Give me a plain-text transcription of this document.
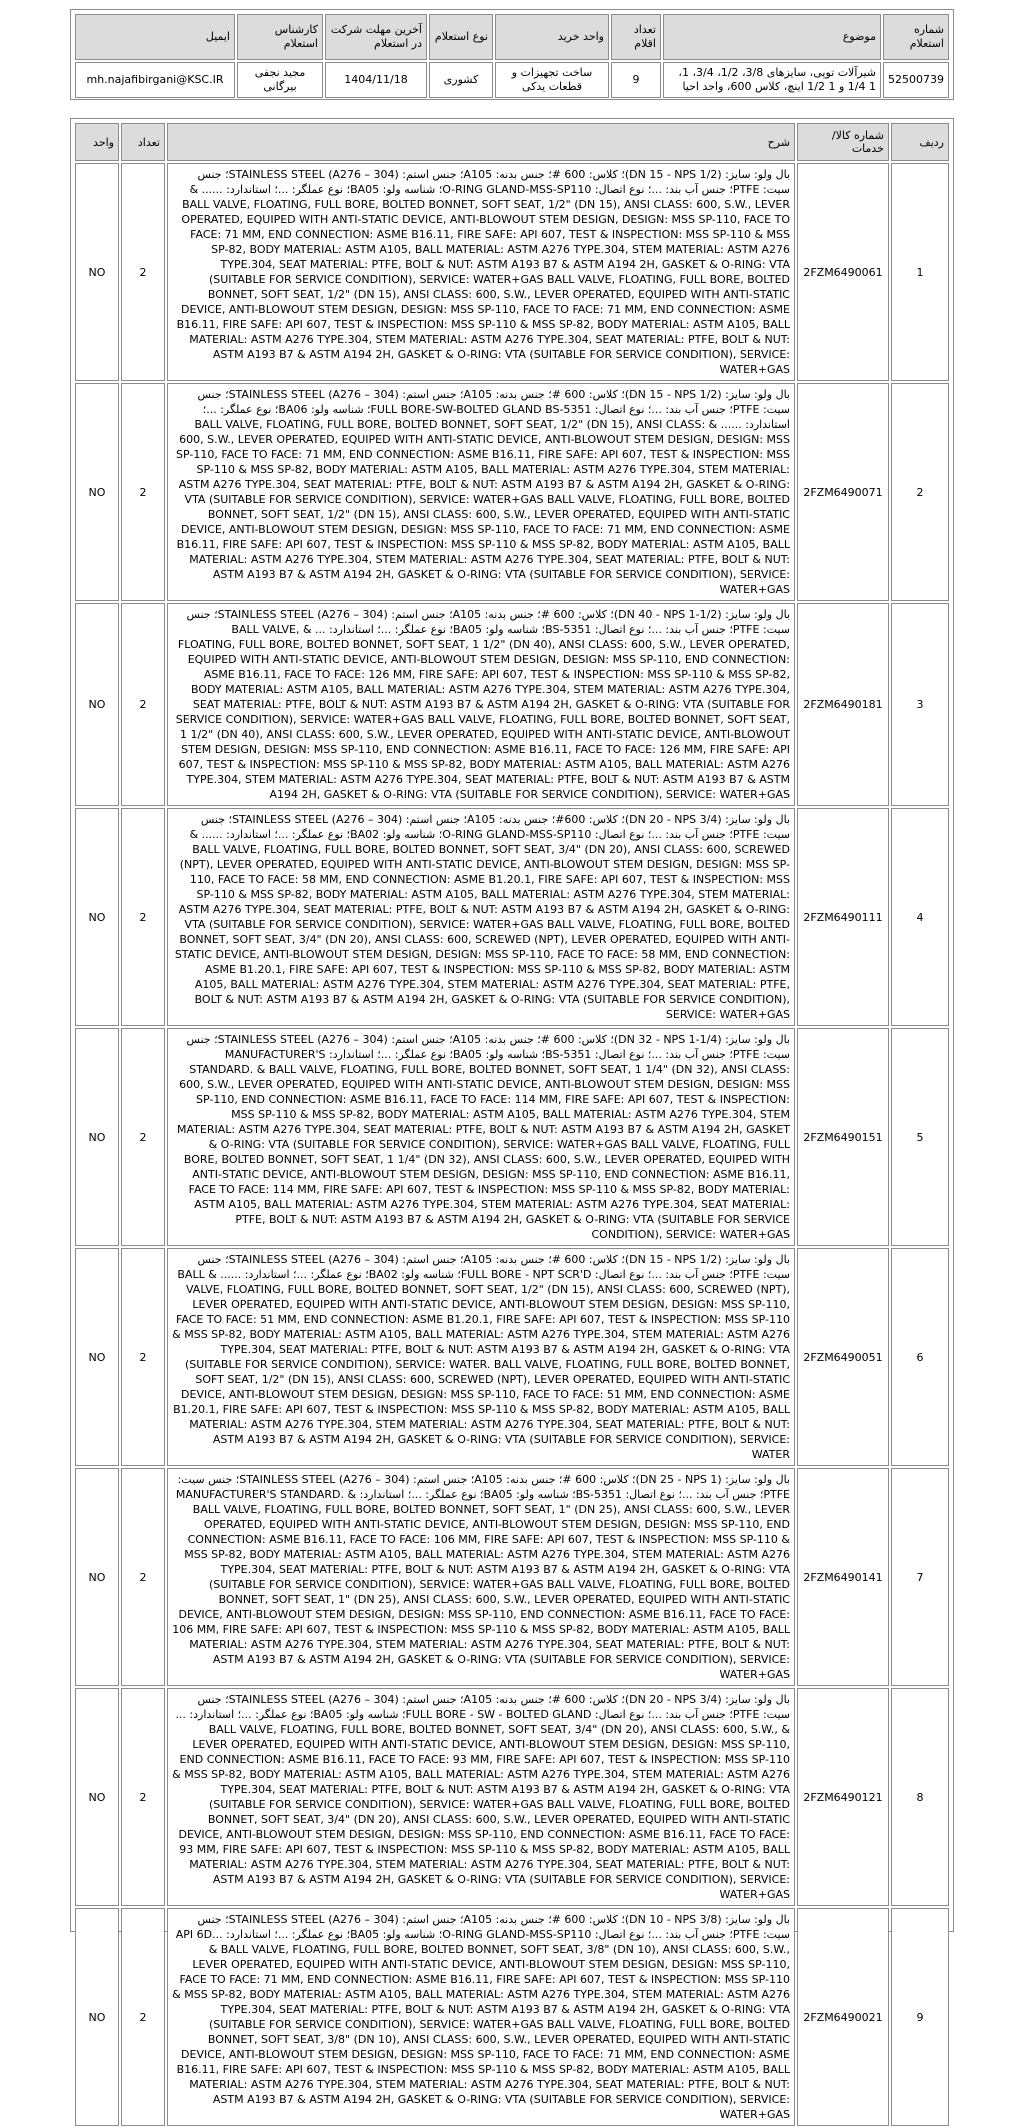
شماره استعلام	موضوع	تعداد اقلام	واحد خرید	نوع استعلام	آخرین مهلت شرکت در استعلام	کارشناس استعلام	ایمیل
52500739	شیرآلات توپی، سایزهای 3/8، 1/2، 3/4، 1، 1 1/4 و 1 1/2 اینچ، کلاس 600، واحد احیا	9	ساخت تجهیزات و قطعات یدکی	کشوری	1404/11/18	مجید نجفی بیرگانی	mh.najafibirgani@KSC.IR
ردیف	شماره کالا/خدمات	شرح	تعداد	واحد
1	2FZM6490061	بال ولو: سایز: (DN 15 - NPS 1/2)؛ کلاس: 600 #؛ جنس بدنه: A105؛ جنس استم: STAINLESS STEEL (A276 – 304)؛ جنس سیت: PTFE؛ جنس آب بند: ...؛ نوع اتصال: O-RING GLAND-MSS-SP110؛ شناسه ولو: BA05؛ نوع عملگر: ...؛ استاندارد: ...... & BALL VALVE, FLOATING, FULL BORE, BOLTED BONNET, SOFT SEAT, 1/2" (DN 15), ANSI CLASS: 600, S.W., LEVER OPERATED, EQUIPED WITH ANTI-STATIC DEVICE, ANTI-BLOWOUT STEM DESIGN, DESIGN: MSS SP-110, FACE TO FACE: 71 MM, END CONNECTION: ASME B16.11, FIRE SAFE: API 607, TEST & INSPECTION: MSS SP-110 & MSS SP-82, BODY MATERIAL: ASTM A105, BALL MATERIAL: ASTM A276 TYPE.304, STEM MATERIAL: ASTM A276 TYPE.304, SEAT MATERIAL: PTFE, BOLT & NUT: ASTM A193 B7 & ASTM A194 2H, GASKET & O-RING: VTA (SUITABLE FOR SERVICE CONDITION), SERVICE: WATER+GAS BALL VALVE, FLOATING, FULL BORE, BOLTED BONNET, SOFT SEAT, 1/2" (DN 15), ANSI CLASS: 600, S.W., LEVER OPERATED, EQUIPED WITH ANTI-STATIC DEVICE, ANTI-BLOWOUT STEM DESIGN, DESIGN: MSS SP-110, FACE TO FACE: 71 MM, END CONNECTION: ASME B16.11, FIRE SAFE: API 607, TEST & INSPECTION: MSS SP-110 & MSS SP-82, BODY MATERIAL: ASTM A105, BALL MATERIAL: ASTM A276 TYPE.304, STEM MATERIAL: ASTM A276 TYPE.304, SEAT MATERIAL: PTFE, BOLT & NUT: ASTM A193 B7 & ASTM A194 2H, GASKET & O-RING: VTA (SUITABLE FOR SERVICE CONDITION), SERVICE: WATER+GAS	2	NO
2	2FZM6490071	بال ولو: سایز: (DN 15 - NPS 1/2)؛ کلاس: 600 #؛ جنس بدنه: A105؛ جنس استم: STAINLESS STEEL (A276 – 304)؛ جنس سیت: PTFE؛ جنس آب بند: ...؛ نوع اتصال: FULL BORE-SW-BOLTED GLAND BS-5351؛ شناسه ولو: BA06؛ نوع عملگر: ...؛ استاندارد: ...... & BALL VALVE, FLOATING, FULL BORE, BOLTED BONNET, SOFT SEAT, 1/2" (DN 15), ANSI CLASS: 600, S.W., LEVER OPERATED, EQUIPED WITH ANTI-STATIC DEVICE, ANTI-BLOWOUT STEM DESIGN, DESIGN: MSS SP-110, FACE TO FACE: 71 MM, END CONNECTION: ASME B16.11, FIRE SAFE: API 607, TEST & INSPECTION: MSS SP-110 & MSS SP-82, BODY MATERIAL: ASTM A105, BALL MATERIAL: ASTM A276 TYPE.304, STEM MATERIAL: ASTM A276 TYPE.304, SEAT MATERIAL: PTFE, BOLT & NUT: ASTM A193 B7 & ASTM A194 2H, GASKET & O-RING: VTA (SUITABLE FOR SERVICE CONDITION), SERVICE: WATER+GAS BALL VALVE, FLOATING, FULL BORE, BOLTED BONNET, SOFT SEAT, 1/2" (DN 15), ANSI CLASS: 600, S.W., LEVER OPERATED, EQUIPED WITH ANTI-STATIC DEVICE, ANTI-BLOWOUT STEM DESIGN, DESIGN: MSS SP-110, FACE TO FACE: 71 MM, END CONNECTION: ASME B16.11, FIRE SAFE: API 607, TEST & INSPECTION: MSS SP-110 & MSS SP-82, BODY MATERIAL: ASTM A105, BALL MATERIAL: ASTM A276 TYPE.304, STEM MATERIAL: ASTM A276 TYPE.304, SEAT MATERIAL: PTFE, BOLT & NUT: ASTM A193 B7 & ASTM A194 2H, GASKET & O-RING: VTA (SUITABLE FOR SERVICE CONDITION), SERVICE: WATER+GAS	2	NO
3	2FZM6490181	بال ولو: سایز: (DN 40 - NPS 1-1/2)؛ کلاس: 600 #؛ جنس بدنه: A105؛ جنس استم: STAINLESS STEEL (A276 – 304)؛ جنس سیت: PTFE؛ جنس آب بند: ...؛ نوع اتصال: BS-5351؛ شناسه ولو: BA05؛ نوع عملگر: ...؛ استاندارد: ... & BALL VALVE, FLOATING, FULL BORE, BOLTED BONNET, SOFT SEAT, 1 1/2" (DN 40), ANSI CLASS: 600, S.W., LEVER OPERATED, EQUIPED WITH ANTI-STATIC DEVICE, ANTI-BLOWOUT STEM DESIGN, DESIGN: MSS SP-110, END CONNECTION: ASME B16.11, FACE TO FACE: 126 MM, FIRE SAFE: API 607, TEST & INSPECTION: MSS SP-110 & MSS SP-82, BODY MATERIAL: ASTM A105, BALL MATERIAL: ASTM A276 TYPE.304, STEM MATERIAL: ASTM A276 TYPE.304, SEAT MATERIAL: PTFE, BOLT & NUT: ASTM A193 B7 & ASTM A194 2H, GASKET & O-RING: VTA (SUITABLE FOR SERVICE CONDITION), SERVICE: WATER+GAS BALL VALVE, FLOATING, FULL BORE, BOLTED BONNET, SOFT SEAT, 1 1/2" (DN 40), ANSI CLASS: 600, S.W., LEVER OPERATED, EQUIPED WITH ANTI-STATIC DEVICE, ANTI-BLOWOUT STEM DESIGN, DESIGN: MSS SP-110, END CONNECTION: ASME B16.11, FACE TO FACE: 126 MM, FIRE SAFE: API 607, TEST & INSPECTION: MSS SP-110 & MSS SP-82, BODY MATERIAL: ASTM A105, BALL MATERIAL: ASTM A276 TYPE.304, STEM MATERIAL: ASTM A276 TYPE.304, SEAT MATERIAL: PTFE, BOLT & NUT: ASTM A193 B7 & ASTM A194 2H, GASKET & O-RING: VTA (SUITABLE FOR SERVICE CONDITION), SERVICE: WATER+GAS	2	NO
4	2FZM6490111	بال ولو: سایز: (DN 20 - NPS 3/4)؛ کلاس: 600#؛ جنس بدنه: A105؛ جنس استم: STAINLESS STEEL (A276 – 304)؛ جنس سیت: PTFE؛ جنس آب بند: ...؛ نوع اتصال: O-RING GLAND-MSS-SP110؛ شناسه ولو: BA02؛ نوع عملگر: ...؛ استاندارد: ...... & BALL VALVE, FLOATING, FULL BORE, BOLTED BONNET, SOFT SEAT, 3/4" (DN 20), ANSI CLASS: 600, SCREWED (NPT), LEVER OPERATED, EQUIPED WITH ANTI-STATIC DEVICE, ANTI-BLOWOUT STEM DESIGN, DESIGN: MSS SP-110, FACE TO FACE: 58 MM, END CONNECTION: ASME B1.20.1, FIRE SAFE: API 607, TEST & INSPECTION: MSS SP-110 & MSS SP-82, BODY MATERIAL: ASTM A105, BALL MATERIAL: ASTM A276 TYPE.304, STEM MATERIAL: ASTM A276 TYPE.304, SEAT MATERIAL: PTFE, BOLT & NUT: ASTM A193 B7 & ASTM A194 2H, GASKET & O-RING: VTA (SUITABLE FOR SERVICE CONDITION), SERVICE: WATER+GAS BALL VALVE, FLOATING, FULL BORE, BOLTED BONNET, SOFT SEAT, 3/4" (DN 20), ANSI CLASS: 600, SCREWED (NPT), LEVER OPERATED, EQUIPED WITH ANTI-STATIC DEVICE, ANTI-BLOWOUT STEM DESIGN, DESIGN: MSS SP-110, FACE TO FACE: 58 MM, END CONNECTION: ASME B1.20.1, FIRE SAFE: API 607, TEST & INSPECTION: MSS SP-110 & MSS SP-82, BODY MATERIAL: ASTM A105, BALL MATERIAL: ASTM A276 TYPE.304, STEM MATERIAL: ASTM A276 TYPE.304, SEAT MATERIAL: PTFE, BOLT & NUT: ASTM A193 B7 & ASTM A194 2H, GASKET & O-RING: VTA (SUITABLE FOR SERVICE CONDITION), SERVICE: WATER+GAS	2	NO
5	2FZM6490151	بال ولو: سایز: (DN 32 - NPS 1-1/4)؛ کلاس: 600 #؛ جنس بدنه: A105؛ جنس استم: STAINLESS STEEL (A276 – 304)؛ جنس سیت: PTFE؛ جنس آب بند: ...؛ نوع اتصال: BS-5351؛ شناسه ولو: BA05؛ نوع عملگر: ...؛ استاندارد: MANUFACTURER'S STANDARD. & BALL VALVE, FLOATING, FULL BORE, BOLTED BONNET, SOFT SEAT, 1 1/4" (DN 32), ANSI CLASS: 600, S.W., LEVER OPERATED, EQUIPED WITH ANTI-STATIC DEVICE, ANTI-BLOWOUT STEM DESIGN, DESIGN: MSS SP-110, END CONNECTION: ASME B16.11, FACE TO FACE: 114 MM, FIRE SAFE: API 607, TEST & INSPECTION: MSS SP-110 & MSS SP-82, BODY MATERIAL: ASTM A105, BALL MATERIAL: ASTM A276 TYPE.304, STEM MATERIAL: ASTM A276 TYPE.304, SEAT MATERIAL: PTFE, BOLT & NUT: ASTM A193 B7 & ASTM A194 2H, GASKET & O-RING: VTA (SUITABLE FOR SERVICE CONDITION), SERVICE: WATER+GAS BALL VALVE, FLOATING, FULL BORE, BOLTED BONNET, SOFT SEAT, 1 1/4" (DN 32), ANSI CLASS: 600, S.W., LEVER OPERATED, EQUIPED WITH ANTI-STATIC DEVICE, ANTI-BLOWOUT STEM DESIGN, DESIGN: MSS SP-110, END CONNECTION: ASME B16.11, FACE TO FACE: 114 MM, FIRE SAFE: API 607, TEST & INSPECTION: MSS SP-110 & MSS SP-82, BODY MATERIAL: ASTM A105, BALL MATERIAL: ASTM A276 TYPE.304, STEM MATERIAL: ASTM A276 TYPE.304, SEAT MATERIAL: PTFE, BOLT & NUT: ASTM A193 B7 & ASTM A194 2H, GASKET & O-RING: VTA (SUITABLE FOR SERVICE CONDITION), SERVICE: WATER+GAS	2	NO
6	2FZM6490051	بال ولو: سایز: (DN 15 - NPS 1/2)؛ کلاس: 600 #؛ جنس بدنه: A105؛ جنس استم: STAINLESS STEEL (A276 – 304)؛ جنس سیت: PTFE؛ جنس آب بند: ...؛ نوع اتصال: FULL BORE - NPT SCR'D؛ شناسه ولو: BA02؛ نوع عملگر: ...؛ استاندارد: ...... & BALL VALVE, FLOATING, FULL BORE, BOLTED BONNET, SOFT SEAT, 1/2" (DN 15), ANSI CLASS: 600, SCREWED (NPT), LEVER OPERATED, EQUIPED WITH ANTI-STATIC DEVICE, ANTI-BLOWOUT STEM DESIGN, DESIGN: MSS SP-110, FACE TO FACE: 51 MM, END CONNECTION: ASME B1.20.1, FIRE SAFE: API 607, TEST & INSPECTION: MSS SP-110 & MSS SP-82, BODY MATERIAL: ASTM A105, BALL MATERIAL: ASTM A276 TYPE.304, STEM MATERIAL: ASTM A276 TYPE.304, SEAT MATERIAL: PTFE, BOLT & NUT: ASTM A193 B7 & ASTM A194 2H, GASKET & O-RING: VTA (SUITABLE FOR SERVICE CONDITION), SERVICE: WATER. BALL VALVE, FLOATING, FULL BORE, BOLTED BONNET, SOFT SEAT, 1/2" (DN 15), ANSI CLASS: 600, SCREWED (NPT), LEVER OPERATED, EQUIPED WITH ANTI-STATIC DEVICE, ANTI-BLOWOUT STEM DESIGN, DESIGN: MSS SP-110, FACE TO FACE: 51 MM, END CONNECTION: ASME B1.20.1, FIRE SAFE: API 607, TEST & INSPECTION: MSS SP-110 & MSS SP-82, BODY MATERIAL: ASTM A105, BALL MATERIAL: ASTM A276 TYPE.304, STEM MATERIAL: ASTM A276 TYPE.304, SEAT MATERIAL: PTFE, BOLT & NUT: ASTM A193 B7 & ASTM A194 2H, GASKET & O-RING: VTA (SUITABLE FOR SERVICE CONDITION), SERVICE: WATER	2	NO
7	2FZM6490141	بال ولو: سایز: (DN 25 - NPS 1)؛ کلاس: 600 #؛ جنس بدنه: A105؛ جنس استم: STAINLESS STEEL (A276 – 304)؛ جنس سیت: PTFE؛ جنس آب بند: ...؛ نوع اتصال: BS-5351؛ شناسه ولو: BA05؛ نوع عملگر: ...؛ استاندارد: MANUFACTURER'S STANDARD. & BALL VALVE, FLOATING, FULL BORE, BOLTED BONNET, SOFT SEAT, 1" (DN 25), ANSI CLASS: 600, S.W., LEVER OPERATED, EQUIPED WITH ANTI-STATIC DEVICE, ANTI-BLOWOUT STEM DESIGN, DESIGN: MSS SP-110, END CONNECTION: ASME B16.11, FACE TO FACE: 106 MM, FIRE SAFE: API 607, TEST & INSPECTION: MSS SP-110 & MSS SP-82, BODY MATERIAL: ASTM A105, BALL MATERIAL: ASTM A276 TYPE.304, STEM MATERIAL: ASTM A276 TYPE.304, SEAT MATERIAL: PTFE, BOLT & NUT: ASTM A193 B7 & ASTM A194 2H, GASKET & O-RING: VTA (SUITABLE FOR SERVICE CONDITION), SERVICE: WATER+GAS BALL VALVE, FLOATING, FULL BORE, BOLTED BONNET, SOFT SEAT, 1" (DN 25), ANSI CLASS: 600, S.W., LEVER OPERATED, EQUIPED WITH ANTI-STATIC DEVICE, ANTI-BLOWOUT STEM DESIGN, DESIGN: MSS SP-110, END CONNECTION: ASME B16.11, FACE TO FACE: 106 MM, FIRE SAFE: API 607, TEST & INSPECTION: MSS SP-110 & MSS SP-82, BODY MATERIAL: ASTM A105, BALL MATERIAL: ASTM A276 TYPE.304, STEM MATERIAL: ASTM A276 TYPE.304, SEAT MATERIAL: PTFE, BOLT & NUT: ASTM A193 B7 & ASTM A194 2H, GASKET & O-RING: VTA (SUITABLE FOR SERVICE CONDITION), SERVICE: WATER+GAS	2	NO
8	2FZM6490121	بال ولو: سایز: (DN 20 - NPS 3/4)؛ کلاس: 600 #؛ جنس بدنه: A105؛ جنس استم: STAINLESS STEEL (A276 – 304)؛ جنس سیت: PTFE؛ جنس آب بند: ...؛ نوع اتصال: FULL BORE - SW - BOLTED GLAND؛ شناسه ولو: BA05؛ نوع عملگر: ...؛ استاندارد: ... & BALL VALVE, FLOATING, FULL BORE, BOLTED BONNET, SOFT SEAT, 3/4" (DN 20), ANSI CLASS: 600, S.W., LEVER OPERATED, EQUIPED WITH ANTI-STATIC DEVICE, ANTI-BLOWOUT STEM DESIGN, DESIGN: MSS SP-110, END CONNECTION: ASME B16.11, FACE TO FACE: 93 MM, FIRE SAFE: API 607, TEST & INSPECTION: MSS SP-110 & MSS SP-82, BODY MATERIAL: ASTM A105, BALL MATERIAL: ASTM A276 TYPE.304, STEM MATERIAL: ASTM A276 TYPE.304, SEAT MATERIAL: PTFE, BOLT & NUT: ASTM A193 B7 & ASTM A194 2H, GASKET & O-RING: VTA (SUITABLE FOR SERVICE CONDITION), SERVICE: WATER+GAS BALL VALVE, FLOATING, FULL BORE, BOLTED BONNET, SOFT SEAT, 3/4" (DN 20), ANSI CLASS: 600, S.W., LEVER OPERATED, EQUIPED WITH ANTI-STATIC DEVICE, ANTI-BLOWOUT STEM DESIGN, DESIGN: MSS SP-110, END CONNECTION: ASME B16.11, FACE TO FACE: 93 MM, FIRE SAFE: API 607, TEST & INSPECTION: MSS SP-110 & MSS SP-82, BODY MATERIAL: ASTM A105, BALL MATERIAL: ASTM A276 TYPE.304, STEM MATERIAL: ASTM A276 TYPE.304, SEAT MATERIAL: PTFE, BOLT & NUT: ASTM A193 B7 & ASTM A194 2H, GASKET & O-RING: VTA (SUITABLE FOR SERVICE CONDITION), SERVICE: WATER+GAS	2	NO
9	2FZM6490021	بال ولو: سایز: (DN 10 - NPS 3/8)؛ کلاس: 600 #؛ جنس بدنه: A105؛ جنس استم: STAINLESS STEEL (A276 – 304)؛ جنس سیت: PTFE؛ جنس آب بند: ...؛ نوع اتصال: O-RING GLAND-MSS-SP110؛ شناسه ولو: BA05؛ نوع عملگر: ...؛ استاندارد: API 6D... & BALL VALVE, FLOATING, FULL BORE, BOLTED BONNET, SOFT SEAT, 3/8" (DN 10), ANSI CLASS: 600, S.W., LEVER OPERATED, EQUIPED WITH ANTI-STATIC DEVICE, ANTI-BLOWOUT STEM DESIGN, DESIGN: MSS SP-110, FACE TO FACE: 71 MM, END CONNECTION: ASME B16.11, FIRE SAFE: API 607, TEST & INSPECTION: MSS SP-110 & MSS SP-82, BODY MATERIAL: ASTM A105, BALL MATERIAL: ASTM A276 TYPE.304, STEM MATERIAL: ASTM A276 TYPE.304, SEAT MATERIAL: PTFE, BOLT & NUT: ASTM A193 B7 & ASTM A194 2H, GASKET & O-RING: VTA (SUITABLE FOR SERVICE CONDITION), SERVICE: WATER+GAS BALL VALVE, FLOATING, FULL BORE, BOLTED BONNET, SOFT SEAT, 3/8" (DN 10), ANSI CLASS: 600, S.W., LEVER OPERATED, EQUIPED WITH ANTI-STATIC DEVICE, ANTI-BLOWOUT STEM DESIGN, DESIGN: MSS SP-110, FACE TO FACE: 71 MM, END CONNECTION: ASME B16.11, FIRE SAFE: API 607, TEST & INSPECTION: MSS SP-110 & MSS SP-82, BODY MATERIAL: ASTM A105, BALL MATERIAL: ASTM A276 TYPE.304, STEM MATERIAL: ASTM A276 TYPE.304, SEAT MATERIAL: PTFE, BOLT & NUT: ASTM A193 B7 & ASTM A194 2H, GASKET & O-RING: VTA (SUITABLE FOR SERVICE CONDITION), SERVICE: WATER+GAS	2	NO
